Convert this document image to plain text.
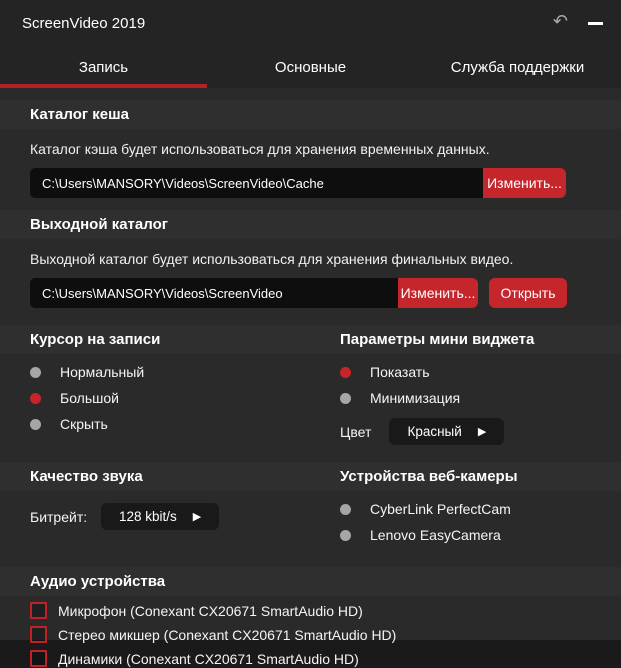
ScreenVideo 2019	↶
Запись	Основные	Служба поддержки
Каталог кеша
Каталог кэша будет использоваться для хранения временных данных.
C:\Users\MANSORY\Videos\ScreenVideo\Cache	Изменить...
Выходной каталог
Выходной каталог будет использоваться для хранения финальных видео.
C:\Users\MANSORY\Videos\ScreenVideo	Изменить...	Открыть
Курсор на записи	Параметры мини виджета
Нормальный
Большой
Скрыть
Показать
Минимизация
Цвет	Красный ▶
Качество звука	Устройства веб-камеры
Битрейт: 128 kbit/s ▶	CyberLink PerfectCam
Lenovo EasyCamera
Аудио устройства
Микрофон (Conexant CX20671 SmartAudio HD)
Стерео микшер (Conexant CX20671 SmartAudio HD)
Динамики (Conexant CX20671 SmartAudio HD)
